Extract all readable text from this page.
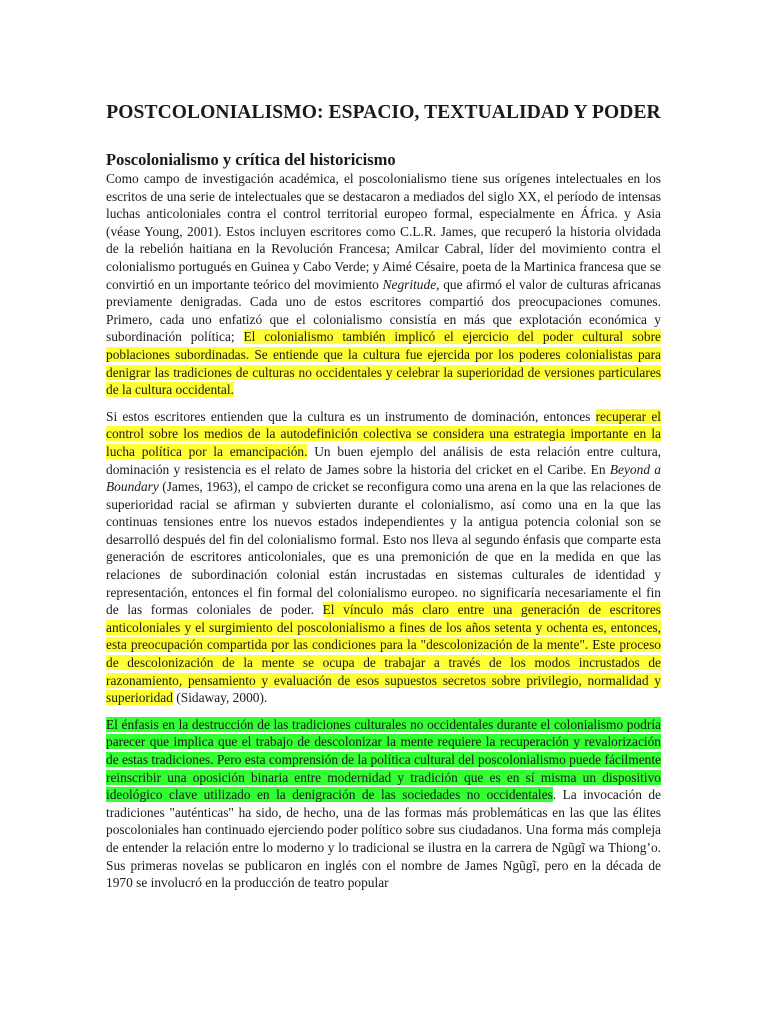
POSTCOLONIALISMO: ESPACIO, TEXTUALIDAD Y PODER
Poscolonialismo y crítica del historicismo

Como campo de investigación académica, el poscolonialismo tiene sus orígenes intelectuales en los escritos de una serie de intelectuales que se destacaron a mediados del siglo XX, el período de intensas luchas anticoloniales contra el control territorial europeo formal, especialmente en África. y Asia (véase Young, 2001). Estos incluyen escritores como C.L.R. James, que recuperó la historia olvidada de la rebelión haitiana en la Revolución Francesa; Amilcar Cabral, líder del movimiento contra el colonialismo portugués en Guinea y Cabo Verde; y Aimé Césaire, poeta de la Martinica francesa que se convirtió en un importante teórico del movimiento Negritude, que afirmó el valor de culturas africanas previamente denigradas. Cada uno de estos escritores compartió dos preocupaciones comunes. Primero, cada uno enfatizó que el colonialismo consistía en más que explotación económica y subordinación política; El colonialismo también implicó el ejercicio del poder cultural sobre poblaciones subordinadas. Se entiende que la cultura fue ejercida por los poderes colonialistas para denigrar las tradiciones de culturas no occidentales y celebrar la superioridad de versiones particulares de la cultura occidental.

Si estos escritores entienden que la cultura es un instrumento de dominación, entonces recuperar el control sobre los medios de la autodefinición colectiva se considera una estrategia importante en la lucha política por la emancipación. Un buen ejemplo del análisis de esta relación entre cultura, dominación y resistencia es el relato de James sobre la historia del cricket en el Caribe. En Beyond a Boundary (James, 1963), el campo de cricket se reconfigura como una arena en la que las relaciones de superioridad racial se afirman y subvierten durante el colonialismo, así como una en la que las continuas tensiones entre los nuevos estados independientes y la antigua potencia colonial son se desarrolló después del fin del colonialismo formal. Esto nos lleva al segundo énfasis que comparte esta generación de escritores anticoloniales, que es una premonición de que en la medida en que las relaciones de subordinación colonial están incrustadas en sistemas culturales de identidad y representación, entonces el fin formal del colonialismo europeo. no significaría necesariamente el fin de las formas coloniales de poder. El vínculo más claro entre una generación de escritores anticoloniales y el surgimiento del poscolonialismo a fines de los años setenta y ochenta es, entonces, esta preocupación compartida por las condiciones para la "descolonización de la mente". Este proceso de descolonización de la mente se ocupa de trabajar a través de los modos incrustados de razonamiento, pensamiento y evaluación de esos supuestos secretos sobre privilegio, normalidad y superioridad (Sidaway, 2000).

El énfasis en la destrucción de las tradiciones culturales no occidentales durante el colonialismo podría parecer que implica que el trabajo de descolonizar la mente requiere la recuperación y revalorización de estas tradiciones. Pero esta comprensión de la política cultural del poscolonialismo puede fácilmente reinscribir una oposición binaria entre modernidad y tradición que es en sí misma un dispositivo ideológico clave utilizado en la denigración de las sociedades no occidentales. La invocación de tradiciones "auténticas" ha sido, de hecho, una de las formas más problemáticas en las que las élites poscoloniales han continuado ejerciendo poder político sobre sus ciudadanos. Una forma más compleja de entender la relación entre lo moderno y lo tradicional se ilustra en la carrera de Ngũgĩ wa Thiong’o. Sus primeras novelas se publicaron en inglés con el nombre de James Ngũgĩ, pero en la década de 1970 se involucró en la producción de teatro popular
